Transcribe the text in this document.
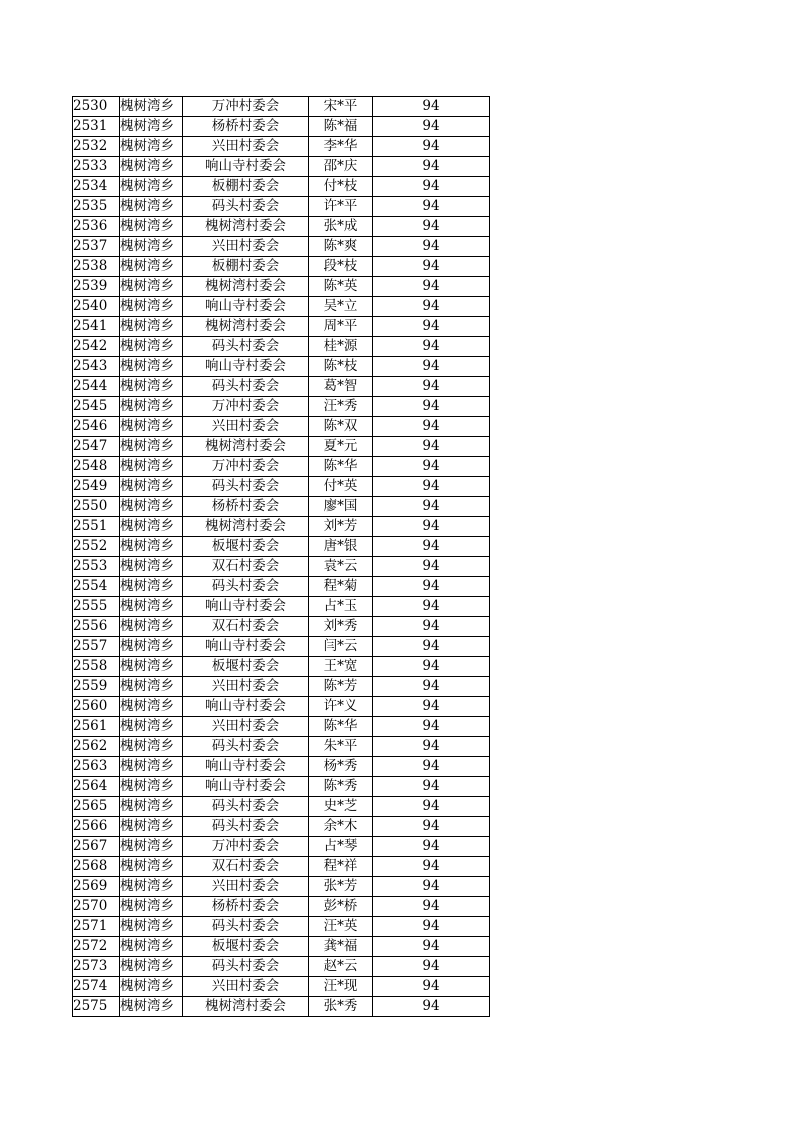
2530	槐树湾乡	万冲村委会	宋*平	94
2531	槐树湾乡	杨桥村委会	陈*福	94
2532	槐树湾乡	兴田村委会	李*华	94
2533	槐树湾乡	响山寺村委会	邵*庆	94
2534	槐树湾乡	板棚村委会	付*枝	94
2535	槐树湾乡	码头村委会	许*平	94
2536	槐树湾乡	槐树湾村委会	张*成	94
2537	槐树湾乡	兴田村委会	陈*爽	94
2538	槐树湾乡	板棚村委会	段*枝	94
2539	槐树湾乡	槐树湾村委会	陈*英	94
2540	槐树湾乡	响山寺村委会	吴*立	94
2541	槐树湾乡	槐树湾村委会	周*平	94
2542	槐树湾乡	码头村委会	桂*源	94
2543	槐树湾乡	响山寺村委会	陈*枝	94
2544	槐树湾乡	码头村委会	葛*智	94
2545	槐树湾乡	万冲村委会	汪*秀	94
2546	槐树湾乡	兴田村委会	陈*双	94
2547	槐树湾乡	槐树湾村委会	夏*元	94
2548	槐树湾乡	万冲村委会	陈*华	94
2549	槐树湾乡	码头村委会	付*英	94
2550	槐树湾乡	杨桥村委会	廖*国	94
2551	槐树湾乡	槐树湾村委会	刘*芳	94
2552	槐树湾乡	板堰村委会	唐*银	94
2553	槐树湾乡	双石村委会	袁*云	94
2554	槐树湾乡	码头村委会	程*菊	94
2555	槐树湾乡	响山寺村委会	占*玉	94
2556	槐树湾乡	双石村委会	刘*秀	94
2557	槐树湾乡	响山寺村委会	闫*云	94
2558	槐树湾乡	板堰村委会	王*宽	94
2559	槐树湾乡	兴田村委会	陈*芳	94
2560	槐树湾乡	响山寺村委会	许*义	94
2561	槐树湾乡	兴田村委会	陈*华	94
2562	槐树湾乡	码头村委会	朱*平	94
2563	槐树湾乡	响山寺村委会	杨*秀	94
2564	槐树湾乡	响山寺村委会	陈*秀	94
2565	槐树湾乡	码头村委会	史*芝	94
2566	槐树湾乡	码头村委会	余*木	94
2567	槐树湾乡	万冲村委会	占*琴	94
2568	槐树湾乡	双石村委会	程*祥	94
2569	槐树湾乡	兴田村委会	张*芳	94
2570	槐树湾乡	杨桥村委会	彭*桥	94
2571	槐树湾乡	码头村委会	汪*英	94
2572	槐树湾乡	板堰村委会	龚*福	94
2573	槐树湾乡	码头村委会	赵*云	94
2574	槐树湾乡	兴田村委会	汪*现	94
2575	槐树湾乡	槐树湾村委会	张*秀	94
